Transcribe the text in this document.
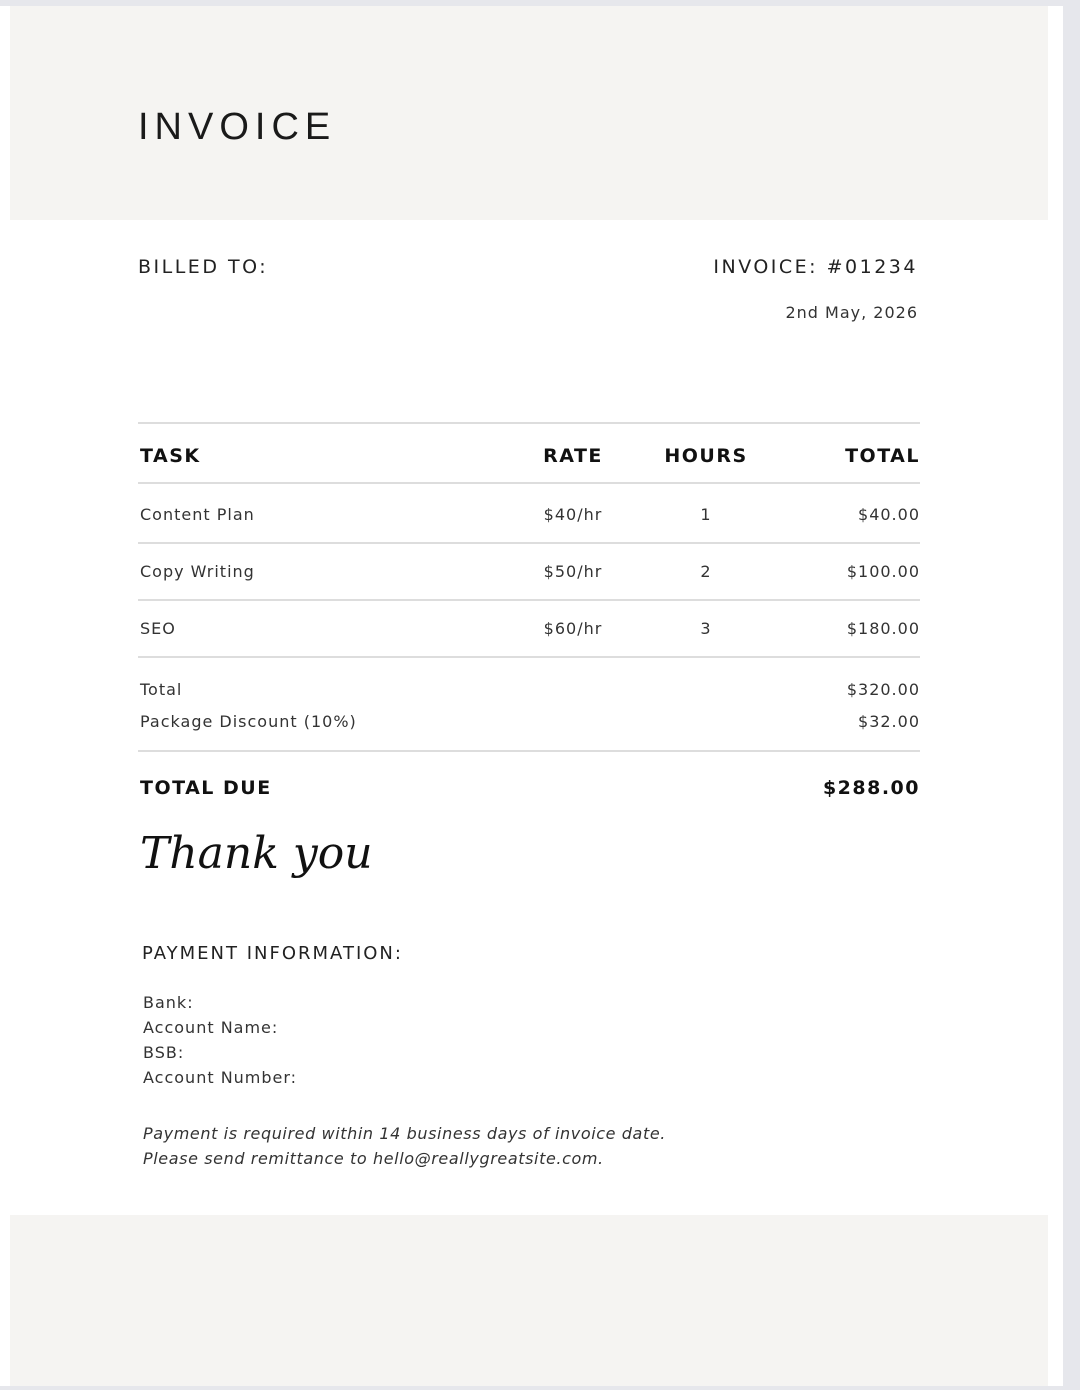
INVOICE
BILLED TO:	INVOICE: #01234
2nd May, 2026
TASK	RATE	HOURS	TOTAL
Content Plan	$40/hr	1	$40.00
Copy Writing	$50/hr	2	$100.00
SEO	$60/hr	3	$180.00
Total	$320.00
Package Discount (10%)	$32.00
TOTAL DUE	$288.00
Thank you
PAYMENT INFORMATION:
Bank:
Account Name:
BSB:
Account Number:
Payment is required within 14 business days of invoice date.
Please send remittance to hello@reallygreatsite.com.
